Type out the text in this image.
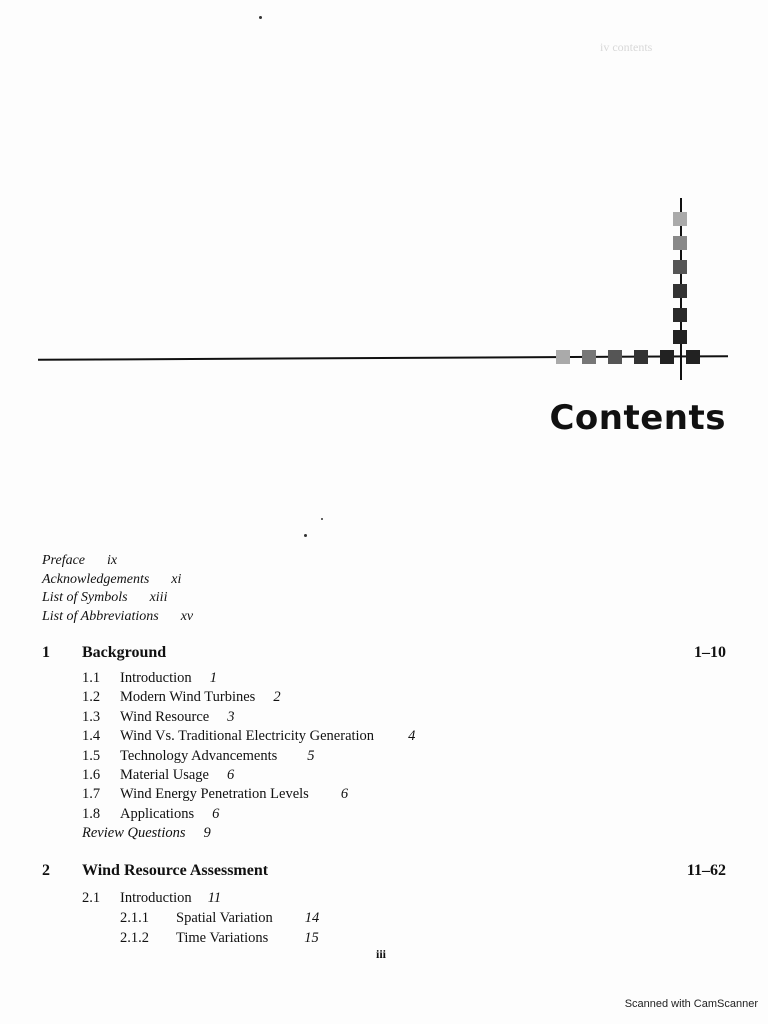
iv contents
Contents
Preface ix
Acknowledgements xi
List of Symbols xiii
List of Abbreviations xv
1 Background	1–10
1.1 Introduction 1
1.2 Modern Wind Turbines 2
1.3 Wind Resource 3
1.4 Wind Vs. Traditional Electricity Generation 4
1.5 Technology Advancements 5
1.6 Material Usage 6
1.7 Wind Energy Penetration Levels 6
1.8 Applications 6
Review Questions 9
2 Wind Resource Assessment	11–62
2.1 Introduction 11
2.1.1 Spatial Variation 14
2.1.2 Time Variations 15
iii
Scanned with CamScanner
